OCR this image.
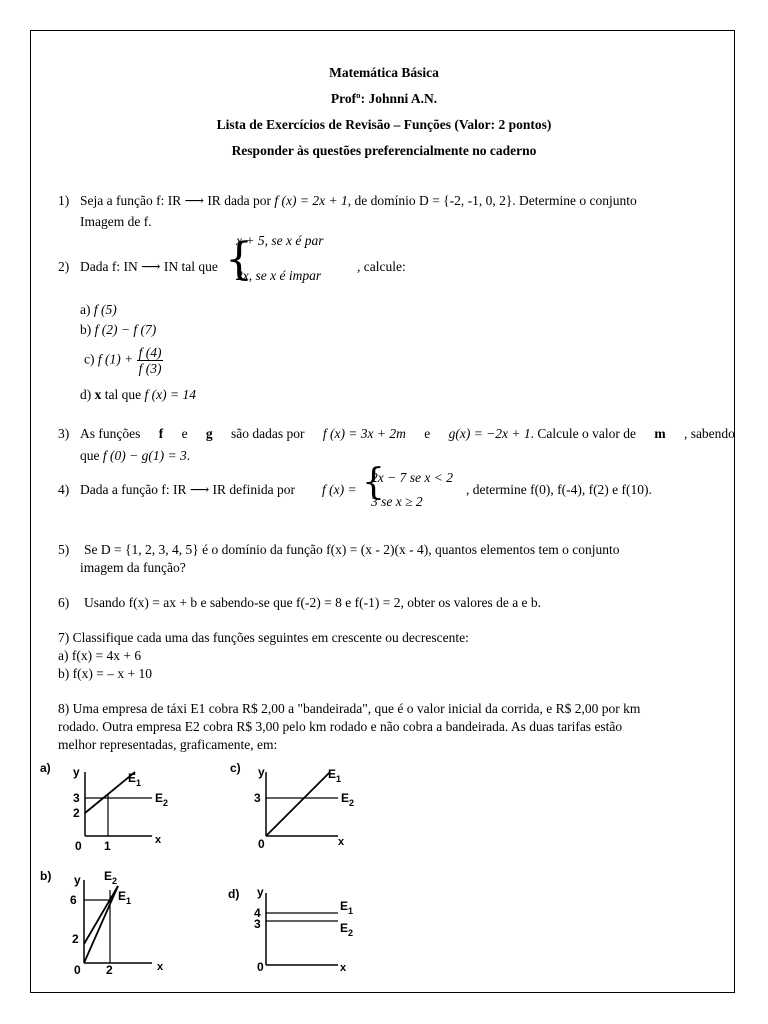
Matemática Básica
Profº: Johnni A.N.
Lista de Exercícios de Revisão – Funções (Valor: 2 pontos)
Responder às questões preferencialmente no caderno
1) Seja a função f: IR ⟶ IR dada por f (x) = 2x + 1, de domínio D = {-2, -1, 0, 2}. Determine o conjunto
Imagem de f.
2) Dada f: IN ⟶ IN tal que {
x + 5, se x é par
2x, se x é impar
, calcule:
a) f (5)
b) f (2) − f (7)
c) f $(1) + \frac{f (4)}{f (3)}$
d) x tal que f (x) = 14
3) As funções f e g são dadas por f (x) = 3x + 2m e g(x) = −2x + 1. Calcule o valor de m , sabendo
que f (0) − g(1) = 3.
4) Dada a função f: IR ⟶ IR definida por f (x) = {
2x − 7 se x < 2
3 se x ≥ 2
, determine f(0), f(-4), f(2) e f(10).
5) Se D = {1, 2, 3, 4, 5} é o domínio da função f(x) = (x - 2)(x - 4), quantos elementos tem o conjunto
imagem da função?
6) Usando f(x) = ax + b e sabendo-se que f(-2) = 8 e f(-1) = 2, obter os valores de a e b.
7) Classifique cada uma das funções seguintes em crescente ou decrescente:
a) f(x) = 4x + 6
b) f(x) = – x + 10
8) Uma empresa de táxi E1 cobra R$ 2,00 a "bandeirada", que é o valor inicial da corrida, e R$ 2,00 por km
rodado. Outra empresa E2 cobra R$ 3,00 pelo km rodado e não cobra a bandeirada. As duas tarifas estão
melhor representadas, graficamente, em:
a) y
x
3
2
0 1
$E_1$
$E_2$
c) y
x
3
0
$E_1$
$E_2$
b) y
x
6
2
0 2
$E_2$
$E_1$	d) y
x
4
3
0
$E_1$
$E_2$
